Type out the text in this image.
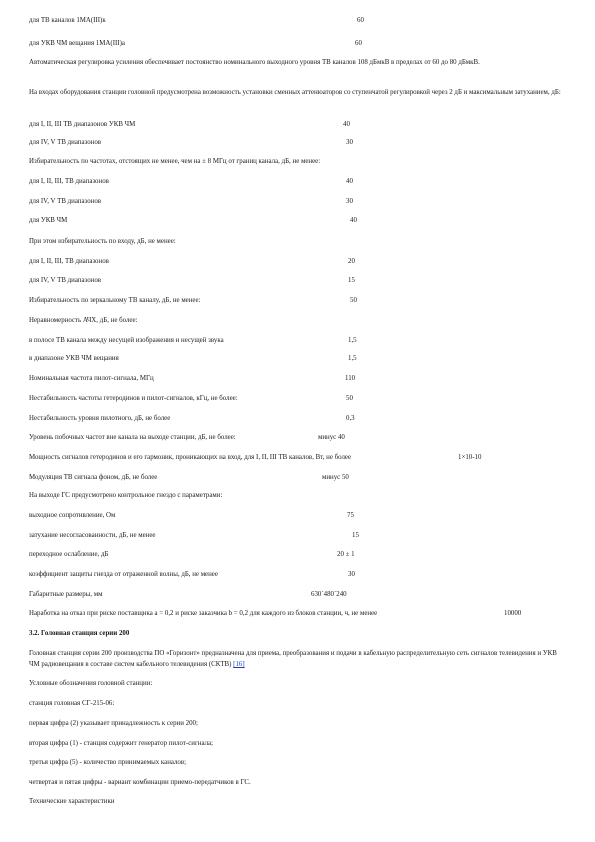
для ТВ каналов 1МА(III)к	60
для УКВ ЧМ вещания 1МА(III)а	60
Автоматическая регулировка усиления обеспечивает постоянство номинального выходного уровня ТВ каналов 108 дБмкВ в пределах от 60 до 80 дБмкВ.
На входах оборудования станции головной предусмотрена возможность установки сменных аттенюаторов со ступенчатой регулировкой через 2 дБ и максимальным затуханием, дБ:
для I, II, III ТВ диапазонов УКВ ЧМ	40
для IV, V ТВ диапазонов	30
Избирательность по частотах, отстоящих не менее, чем на ± 8 МГц от границ канала, дБ, не менее:
для I, II, III, ТВ диапазонов	40
для IV, V ТВ диапазонов	30
для УКВ ЧМ	40
При этом избирательность по входу, дБ, не менее:
для I, II, III, ТВ диапазонов	20
для IV, V ТВ диапазонов	15
Избирательность по зеркальному ТВ каналу, дБ, не менее:	50
Неравномерность АЧХ, дБ, не более:
в полосе ТВ канала между несущей изображения и несущей звука	1,5
в диапазоне УКВ ЧМ вещания	1,5
Номинальная частота пилот-сигнала, МГц	110
Нестабильность частоты гетеродинов и пилот-сигналов, кГц, не более:	50
Нестабильность уровня пилотного, дБ, не более	0,3
Уровень побочных частот вне канала на выходе станции, дБ, не более:	минус 40
Мощность сигналов гетеродинов и его гармоник, проникающих на вход, для I, II, III ТВ каналов, Вт, не более	1×10-10
Модуляция ТВ сигнала фоном, дБ, не более	минус 50
На выходе ГС предусмотрено контрольное гнездо с параметрами:
выходное сопротивление, Ом	75
затухание несогласованности, дБ, не менее	15
переходное ослабление, дБ	20 ± 1
коэффициент защиты гнезда от отраженной волны, дБ, не менее	30
Габаритные размеры, мм	630´480´240
Наработка на отказ при риске поставщика а = 0,2 и риске заказчика b = 0,2 для каждого из блоков станции, ч, не менее	10000
3.2. Головная станция серии 200
Головная станция серии 200 производства ПО «Горизонт» предназначена для приема, преобразования и подачи в кабельную распределительную сеть сигналов телевидения и УКВ ЧМ радиовещания в составе систем кабельного телевидения (СКТВ) [16]
Условные обозначения головной станции:
станция головная СГ-215-06:
первая цифра (2) указывает принадлежность к серии 200;
вторая цифра (1) - станция содержит генератор пилот-сигнала;
третья цифра (5) - количество принимаемых каналов;
четвертая и пятая цифры - вариант комбинации приемо-передатчиков в ГС.
Технические характеристики
